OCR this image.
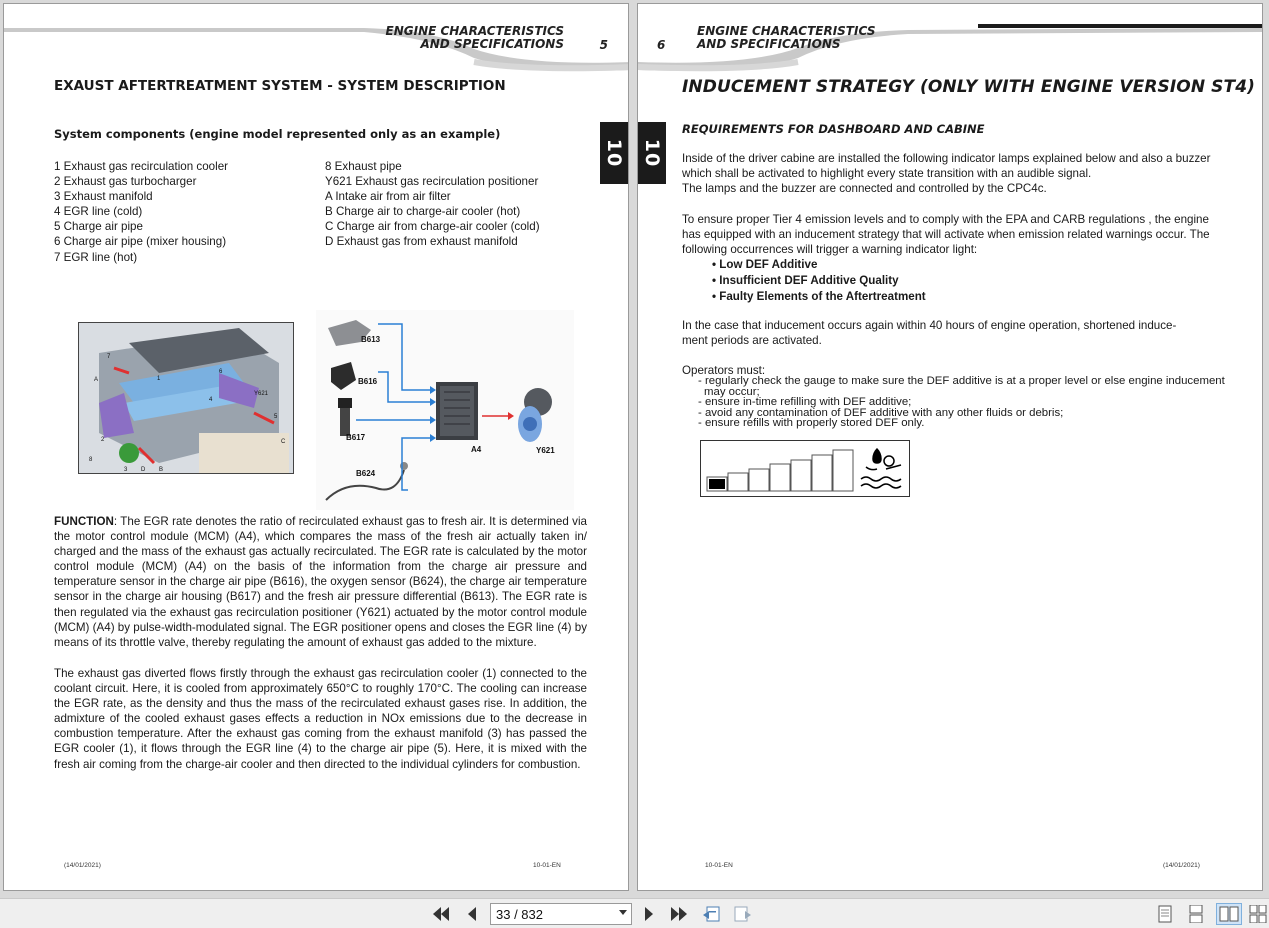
ENGINE CHARACTERISTICS
AND SPECIFICATIONS	5
10
EXAUST AFTERTREATMENT SYSTEM - SYSTEM DESCRIPTION
System components (engine model represented only as an example)
1 Exhaust gas recirculation cooler
2 Exhaust gas turbocharger
3 Exhaust manifold
4 EGR line (cold)
5 Charge air pipe
6 Charge air pipe (mixer housing)
7 EGR line (hot)
8 Exhaust pipe
Y621 Exhaust gas recirculation positioner
A Intake air from air filter
B Charge air to charge-air cooler (hot)
C Charge air from charge-air cooler (cold)
D Exhaust gas from exhaust manifold
7
1
6
Y621
4
5
C
A
2
3 D B
8
B613
B616
B617
B624
A4	Y621
FUNCTION: The EGR rate denotes the ratio of recirculated exhaust gas to fresh air. It is determined via the motor control module (MCM) (A4), which compares the mass of the fresh air actually taken in/ charged and the mass of the exhaust gas actually recirculated. The EGR rate is calculated by the motor control module (MCM) (A4) on the basis of the information from the charge air pressure and temperature sensor in the charge air pipe (B616), the oxygen sensor (B624), the charge air temperature sensor in the charge air housing (B617) and the fresh air pressure differential (B613). The EGR rate is then regulated via the exhaust gas recirculation positioner (Y621) actuated by the motor control module (MCM) (A4) by pulse-width-modulated signal. The EGR positioner opens and closes the EGR line (4) by means of its throttle valve, thereby regulating the amount of exhaust gas added to the mixture.
The exhaust gas diverted flows firstly through the exhaust gas recirculation cooler (1) connected to the coolant circuit. Here, it is cooled from approximately 650°C to roughly 170°C. The cooling can increase the EGR rate, as the density and thus the mass of the recirculated exhaust gases rise. In addition, the admixture of the cooled exhaust gases effects a reduction in NOx emissions due to the decrease in combustion temperature. After the exhaust gas coming from the exhaust manifold (3) has passed the EGR cooler (1), it flows through the EGR line (4) to the charge air pipe (5). Here, it is mixed with the fresh air coming from the charge-air cooler and then directed to the individual cylinders for combustion.
(14/01/2021)	10-01-EN
ENGINE CHARACTERISTICS
AND SPECIFICATIONS
6
10
INDUCEMENT STRATEGY (ONLY WITH ENGINE VERSION ST4)
REQUIREMENTS FOR DASHBOARD AND CABINE
Inside of the driver cabine are installed the following indicator lamps explained below and also a buzzer which shall be activated to highlight every state transition with an audible signal.
The lamps and the buzzer are connected and controlled by the CPC4c.
To ensure proper Tier 4 emission levels and to comply with the EPA and CARB regulations , the engine has equipped with an inducement strategy that will activate when emission related warnings occur. The following occurrences will trigger a warning indicator light:
• Low DEF Additive
• Insufficient DEF Additive Quality
• Faulty Elements of the Aftertreatment
In the case that inducement occurs again within 40 hours of engine operation, shortened induce- ment periods are activated.
Operators must:
- regularly check the gauge to make sure the DEF additive is at a proper level or else engine inducement
may occur;
- ensure in-time refilling with DEF additive;
- avoid any contamination of DEF additive with any other fluids or debris;
- ensure refills with properly stored DEF only.
10-01-EN	(14/01/2021)
33 / 832
